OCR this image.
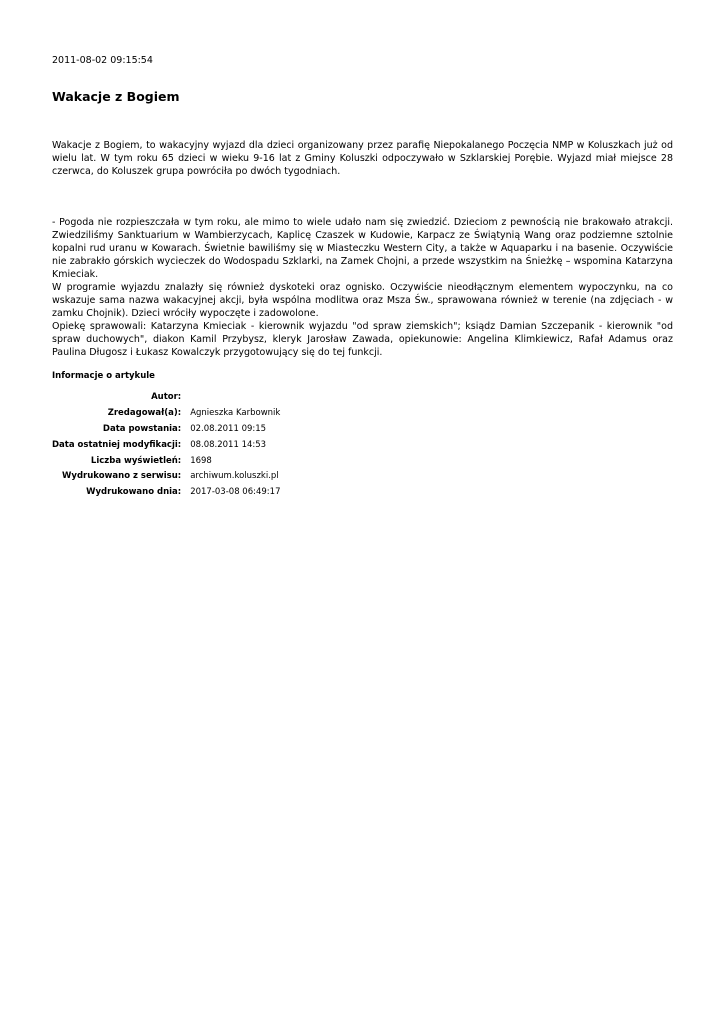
2011-08-02 09:15:54
Wakacje z Bogiem

Wakacje z Bogiem, to wakacyjny wyjazd dla dzieci organizowany przez parafię Niepokalanego Poczęcia NMP w Koluszkach już od wielu lat. W tym roku 65 dzieci w wieku 9-16 lat z Gminy Koluszki odpoczywało w Szklarskiej Porębie. Wyjazd miał miejsce 28 czerwca, do Koluszek grupa powróciła po dwóch tygodniach.

- Pogoda nie rozpieszczała w tym roku, ale mimo to wiele udało nam się zwiedzić. Dzieciom z pewnością nie brakowało atrakcji. Zwiedziliśmy Sanktuarium w Wambierzycach, Kaplicę Czaszek w Kudowie, Karpacz ze Świątynią Wang oraz podziemne sztolnie kopalni rud uranu w Kowarach. Świetnie bawiliśmy się w Miasteczku Western City, a także w Aquaparku i na basenie. Oczywiście nie zabrakło górskich wycieczek do Wodospadu Szklarki, na Zamek Chojni, a przede wszystkim na Śnieżkę – wspomina Katarzyna Kmieciak.
W programie wyjazdu znalazły się również dyskoteki oraz ognisko. Oczywiście nieodłącznym elementem wypoczynku, na co wskazuje sama nazwa wakacyjnej akcji, była wspólna modlitwa oraz Msza Św., sprawowana również w terenie (na zdjęciach - w zamku Chojnik). Dzieci wróciły wypoczęte i zadowolone.

Opiekę sprawowali: Katarzyna Kmieciak - kierownik wyjazdu "od spraw ziemskich"; ksiądz Damian Szczepanik - kierownik "od spraw duchowych", diakon Kamil Przybysz, kleryk Jarosław Zawada, opiekunowie: Angelina Klimkiewicz, Rafał Adamus oraz Paulina Długosz i Łukasz Kowalczyk przygotowujący się do tej funkcji.

Informacje o artykule
Autor:	
Zredagował(a):	Agnieszka Karbownik
Data powstania:	02.08.2011 09:15
Data ostatniej modyfikacji:	08.08.2011 14:53
Liczba wyświetleń:	1698
Wydrukowano z serwisu:	archiwum.koluszki.pl
Wydrukowano dnia:	2017-03-08 06:49:17
